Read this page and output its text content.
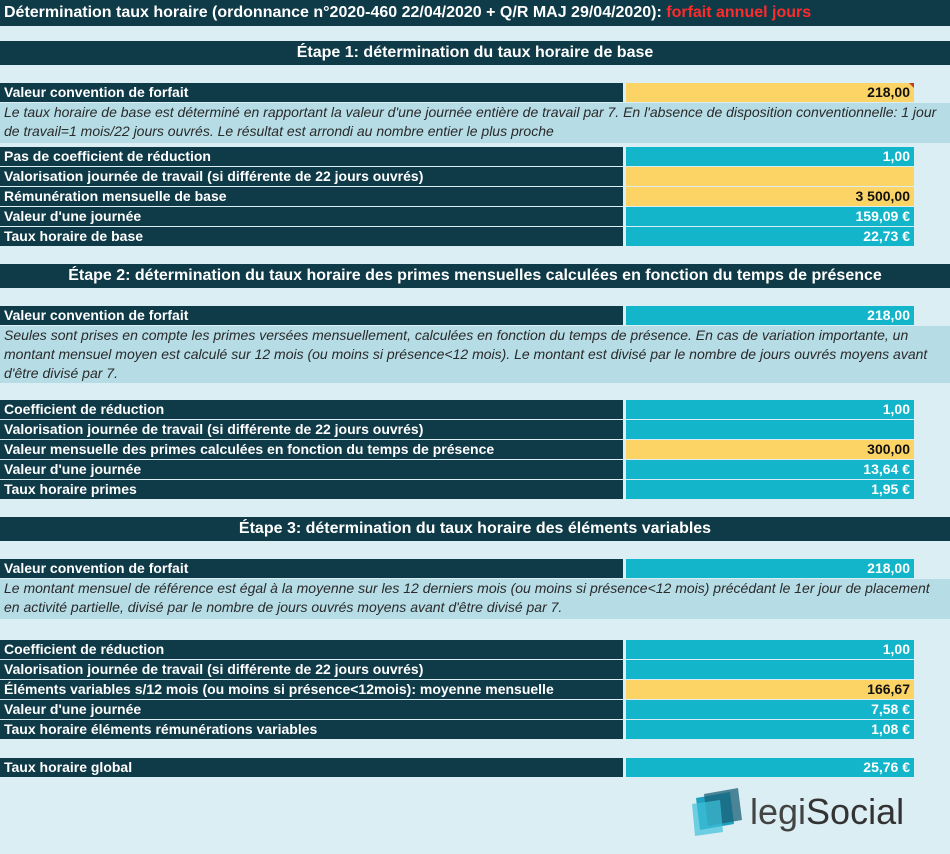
Détermination taux horaire (ordonnance n°2020-460 22/04/2020 + Q/R MAJ 29/04/2020): forfait annuel jours
Étape 1: détermination du taux horaire de base
Valeur convention de forfait	218,00
Le taux horaire de base est déterminé en rapportant la valeur d'une journée entière de travail par 7. En l'absence de disposition conventionnelle: 1 jour de travail=1 mois/22 jours ouvrés. Le résultat est arrondi au nombre entier le plus proche
Pas de coefficient de réduction	1,00
Valorisation journée de travail (si différente de 22 jours ouvrés)
Rémunération mensuelle de base	3 500,00
Valeur d'une journée	159,09 €
Taux horaire de base	22,73 €
Étape 2: détermination du taux horaire des primes mensuelles calculées en fonction du temps de présence
Valeur convention de forfait	218,00
Seules sont prises en compte les primes versées mensuellement, calculées en fonction du temps de présence. En cas de variation importante, un montant mensuel moyen est calculé sur 12 mois (ou moins si présence<12 mois). Le montant est divisé par le nombre de jours ouvrés moyens avant d'être divisé par 7.
Coefficient de réduction	1,00
Valorisation journée de travail (si différente de 22 jours ouvrés)
Valeur mensuelle des primes calculées en fonction du temps de présence	300,00
Valeur d'une journée	13,64 €
Taux horaire primes	1,95 €
Étape 3: détermination du taux horaire des éléments variables
Valeur convention de forfait	218,00
Le montant mensuel de référence est égal à la moyenne sur les 12 derniers mois (ou moins si présence<12 mois) précédant le 1er jour de placement en activité partielle, divisé par le nombre de jours ouvrés moyens avant d'être divisé par 7.
Coefficient de réduction	1,00
Valorisation journée de travail (si différente de 22 jours ouvrés)
Éléments variables s/12 mois (ou moins si présence<12mois): moyenne mensuelle	166,67
Valeur d'une journée	7,58 €
Taux horaire éléments rémunérations variables	1,08 €
Taux horaire global	25,76 €
legiSocial
